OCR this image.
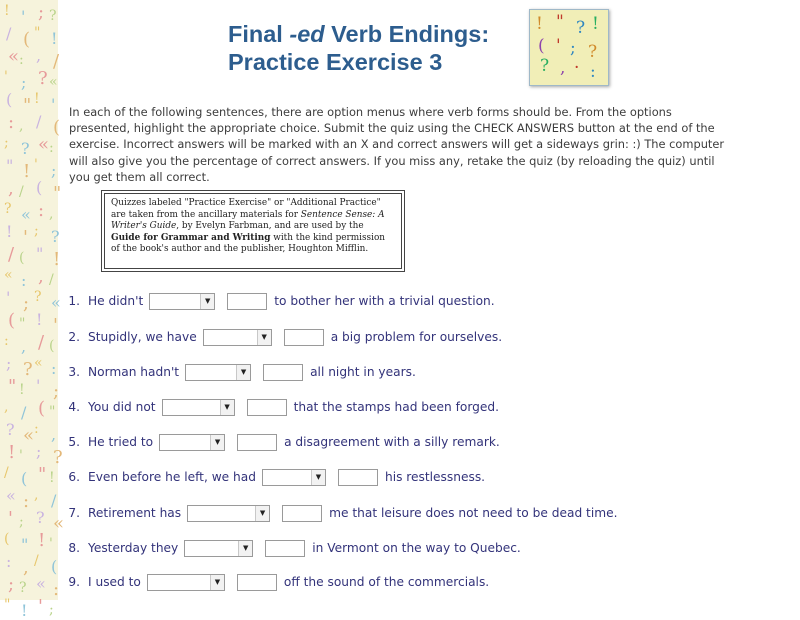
! ' ; ?
/ ( " !
« : , /
' ; ? «
( " ! '
: , / (
; ? « :
" ! ' ;
, / ( "
? « : ,
! ' ; ?
/ ( " !
« : , /
' ; ? «
( " ! '
: , / (
; ? « :
" ! ' ;
, / ( "
? « : ,
! ' ; ?
/ ( " !
« : , /
' ; ? «
( " ! '
: , / (
; ? « :
" ! ' ;
Final -ed Verb Endings:
Practice Exercise 3
! " ? !
( ' ; ?
? , · :
In each of the following sentences, there are option menus where verb forms should be. From the options presented, highlight the appropriate choice. Submit the quiz using the CHECK ANSWERS button at the end of the exercise. Incorrect answers will be marked with an X and correct answers will get a sideways grin: :) The computer will also give you the percentage of correct answers. If you miss any, retake the quiz (by reloading the quiz) until you get them all correct.
Quizzes labeled "Practice Exercise" or "Additional Practice" are taken from the ancillary materials for Sentence Sense: A Writer's Guide, by Evelyn Farbman, and are used by the Guide for Grammar and Writing with the kind permission of the book's author and the publisher, Houghton Mifflin.
1. He didn't	▼	to bother her with a trivial question.
2. Stupidly, we have	▼	a big problem for ourselves.
3. Norman hadn't	▼	all night in years.
4. You did not	▼	that the stamps had been forged.
5. He tried to	▼	a disagreement with a silly remark.
6. Even before he left, we had	▼	his restlessness.
7. Retirement has	▼	me that leisure does not need to be dead time.
8. Yesterday they	▼	in Vermont on the way to Quebec.
9. I used to	▼	off the sound of the commercials.
